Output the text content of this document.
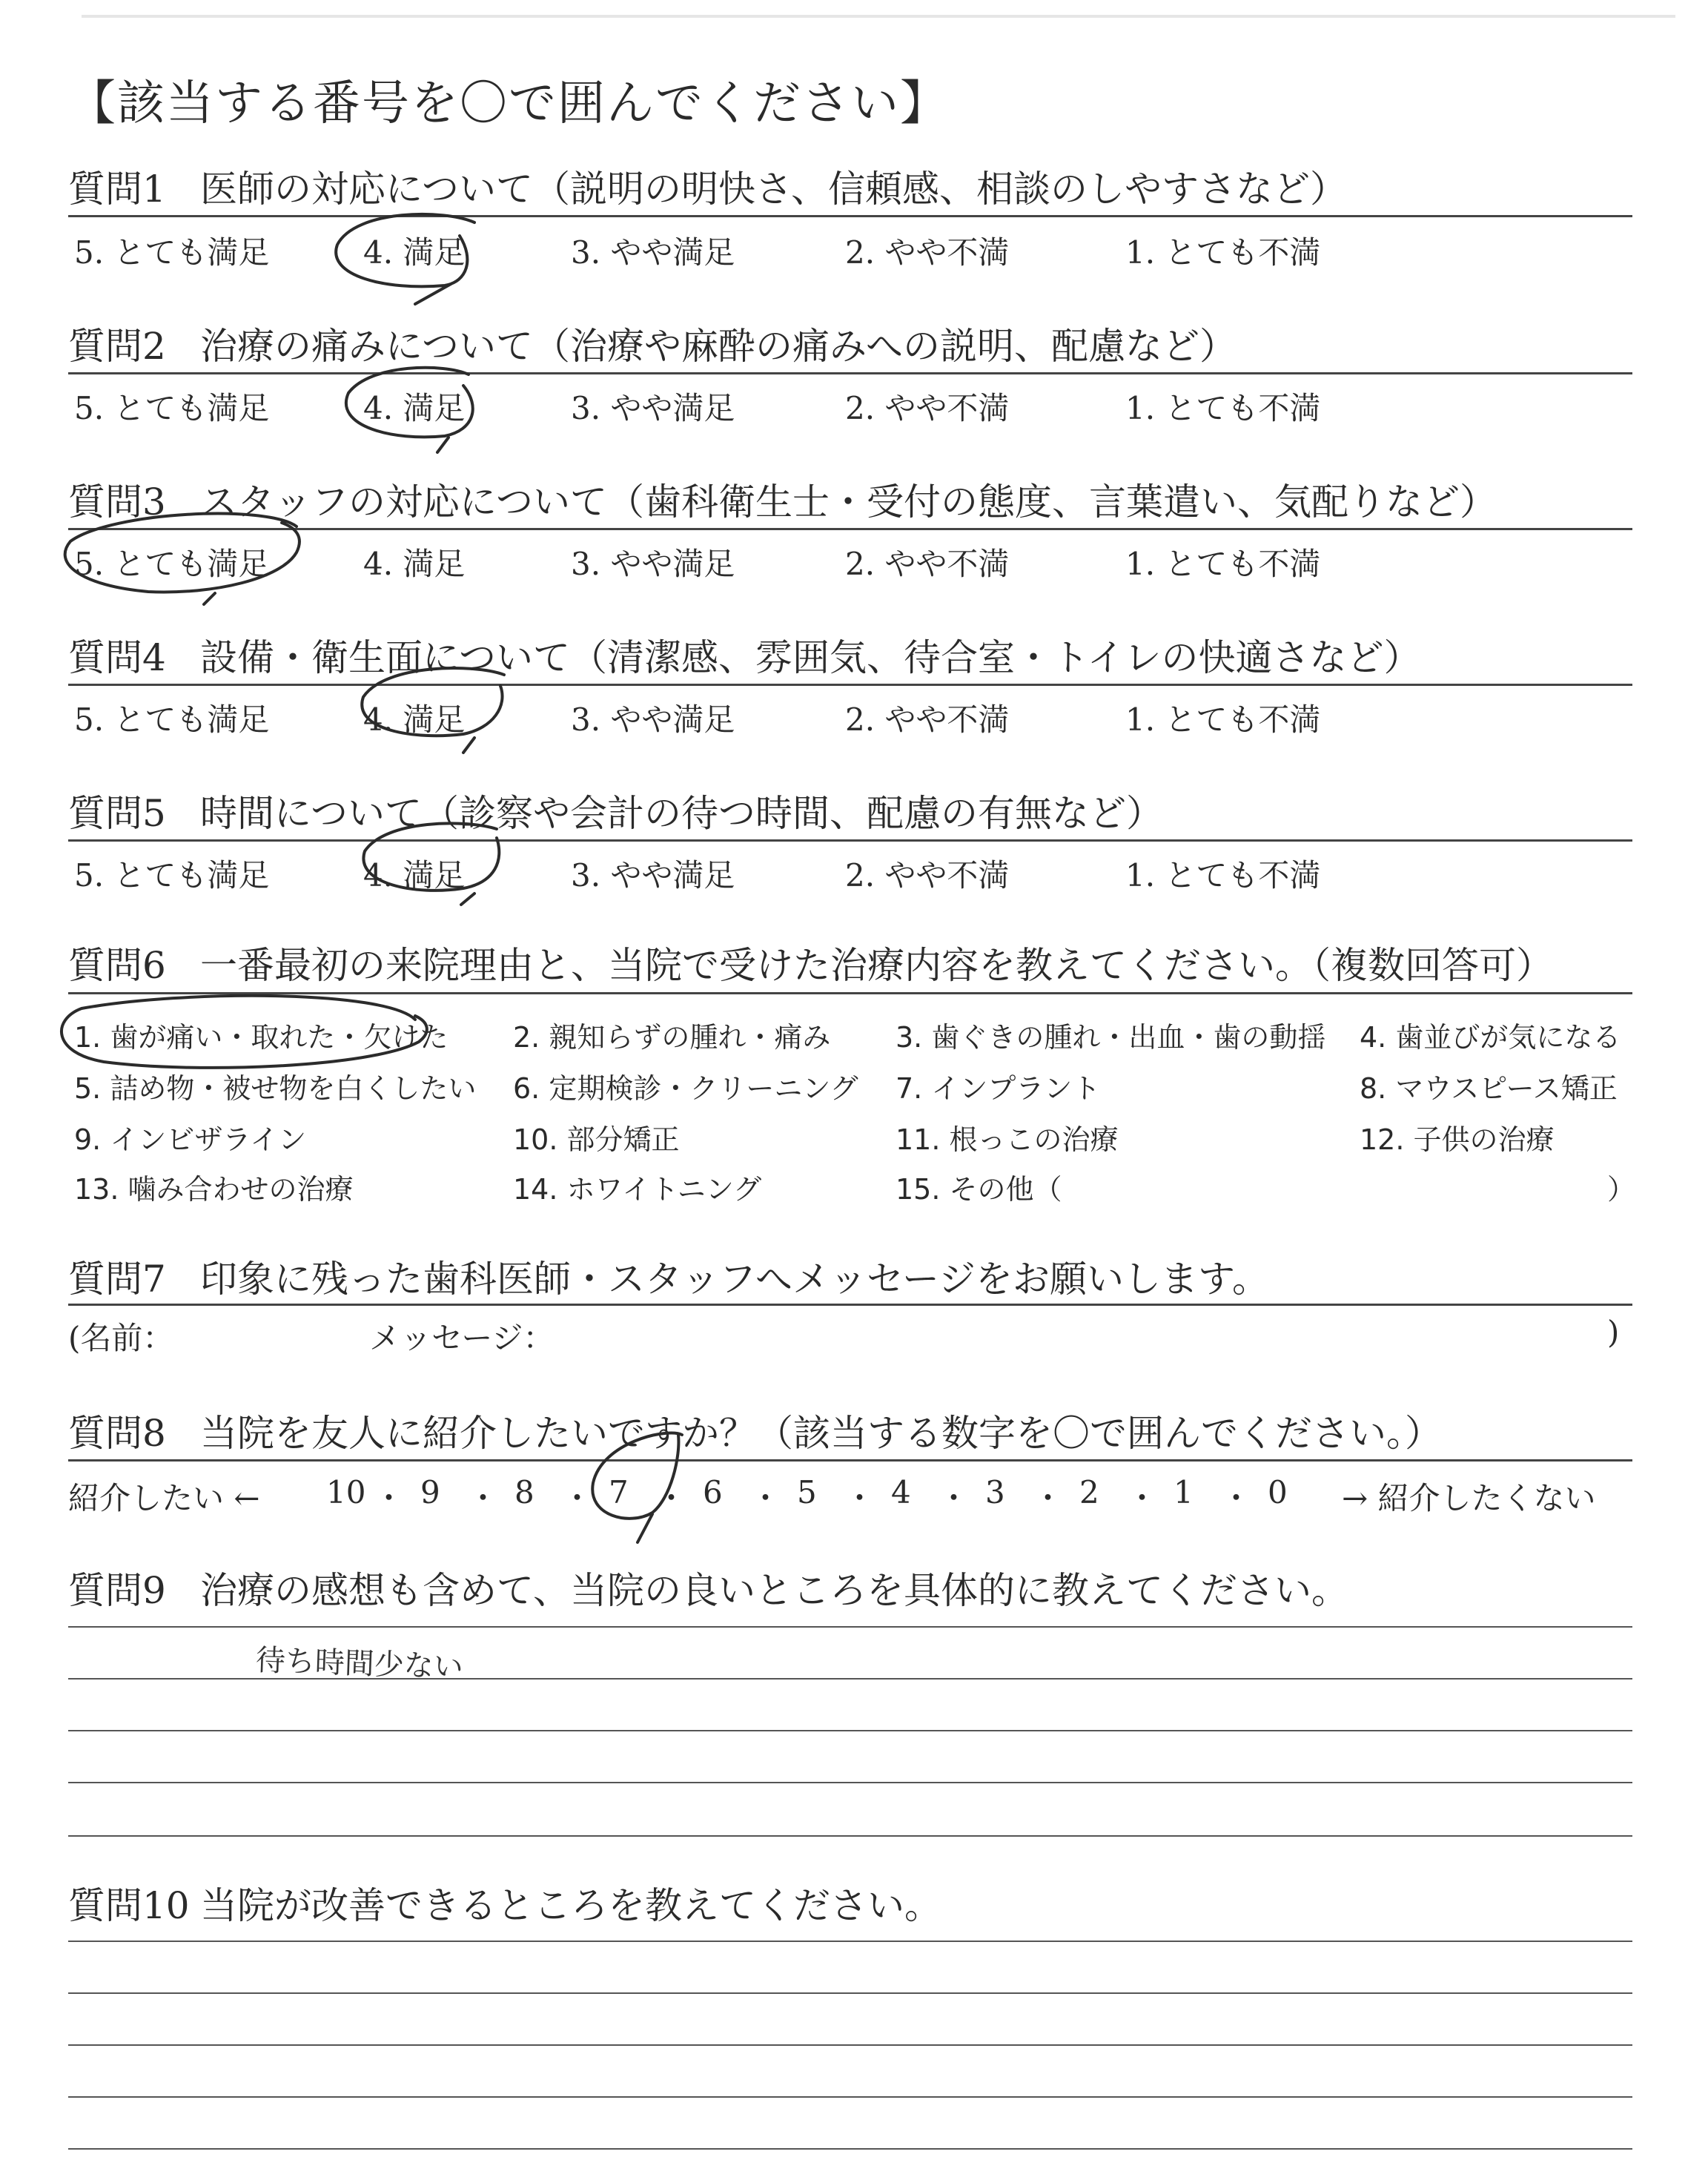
【該当する番号を〇で囲んでください】
質問1 医師の対応について（説明の明快さ、信頼感、相談のしやすさなど）
5. とても満足	4. 満足	3. やや満足	2. やや不満	1. とても不満
質問2 治療の痛みについて（治療や麻酔の痛みへの説明、配慮など）
5. とても満足	4. 満足	3. やや満足	2. やや不満	1. とても不満
質問3 スタッフの対応について（歯科衛生士・受付の態度、言葉遣い、気配りなど）
5. とても満足	4. 満足	3. やや満足	2. やや不満	1. とても不満
質問4 設備・衛生面について（清潔感、雰囲気、待合室・トイレの快適さなど）
5. とても満足	4. 満足	3. やや満足	2. やや不満	1. とても不満
質問5 時間について（診察や会計の待つ時間、配慮の有無など）
5. とても満足	4. 満足	3. やや満足	2. やや不満	1. とても不満
質問6 一番最初の来院理由と、当院で受けた治療内容を教えてください。（複数回答可）
1. 歯が痛い・取れた・欠けた 2. 親知らずの腫れ・痛み 3. 歯ぐきの腫れ・出血・歯の動揺 4. 歯並びが気になる
5. 詰め物・被せ物を白くしたい 6. 定期検診・クリーニング 7. インプラント	8. マウスピース矯正
9. インビザライン	10. 部分矯正	11. 根っこの治療	12. 子供の治療
13. 噛み合わせの治療	14. ホワイトニング	15. その他（	）
質問7 印象に残った歯科医師・スタッフへメッセージをお願いします。
(名前：	メッセージ：	)
質問8 当院を友人に紹介したいですか？（該当する数字を〇で囲んでください。）
紹介したい ← 10 ・ 9 ・ 8 ・ 7 ・ 6 ・ 5 ・ 4 ・ 3 ・ 2 ・ 1 ・ 0 → 紹介したくない
質問9 治療の感想も含めて、当院の良いところを具体的に教えてください。
待ち時間少ない
質問10 当院が改善できるところを教えてください。
